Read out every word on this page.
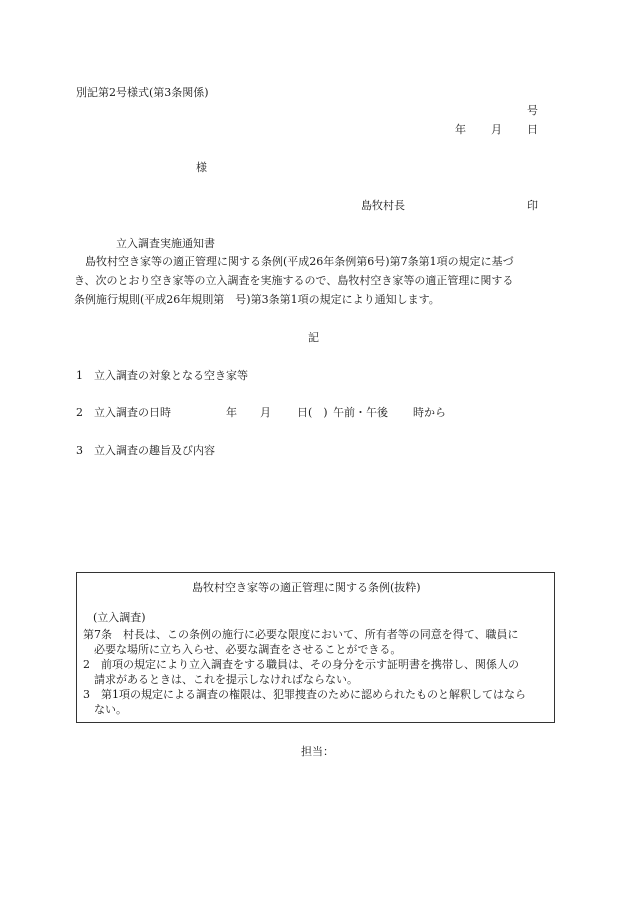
別記第2号様式(第3条関係)
号
年 月 日
様
島牧村長	印
立入調査実施通知書
島牧村空き家等の適正管理に関する条例(平成26年条例第6号)第7条第1項の規定に基づ
き、次のとおり空き家等の立入調査を実施するので、島牧村空き家等の適正管理に関する
条例施行規則(平成26年規則第　号)第3条第1項の規定により通知します。
記
1 立入調査の対象となる空き家等
2 立入調査の日時	年 月 日(　) 午前・午後 時から
3 立入調査の趣旨及び内容
島牧村空き家等の適正管理に関する条例(抜粋)
(立入調査)
第7条　村長は、この条例の施行に必要な限度において、所有者等の同意を得て、職員に
必要な場所に立ち入らせ、必要な調査をさせることができる。
2　前項の規定により立入調査をする職員は、その身分を示す証明書を携帯し、関係人の
請求があるときは、これを提示しなければならない。
3　第1項の規定による調査の権限は、犯罪捜査のために認められたものと解釈してはなら
ない。
担当：
